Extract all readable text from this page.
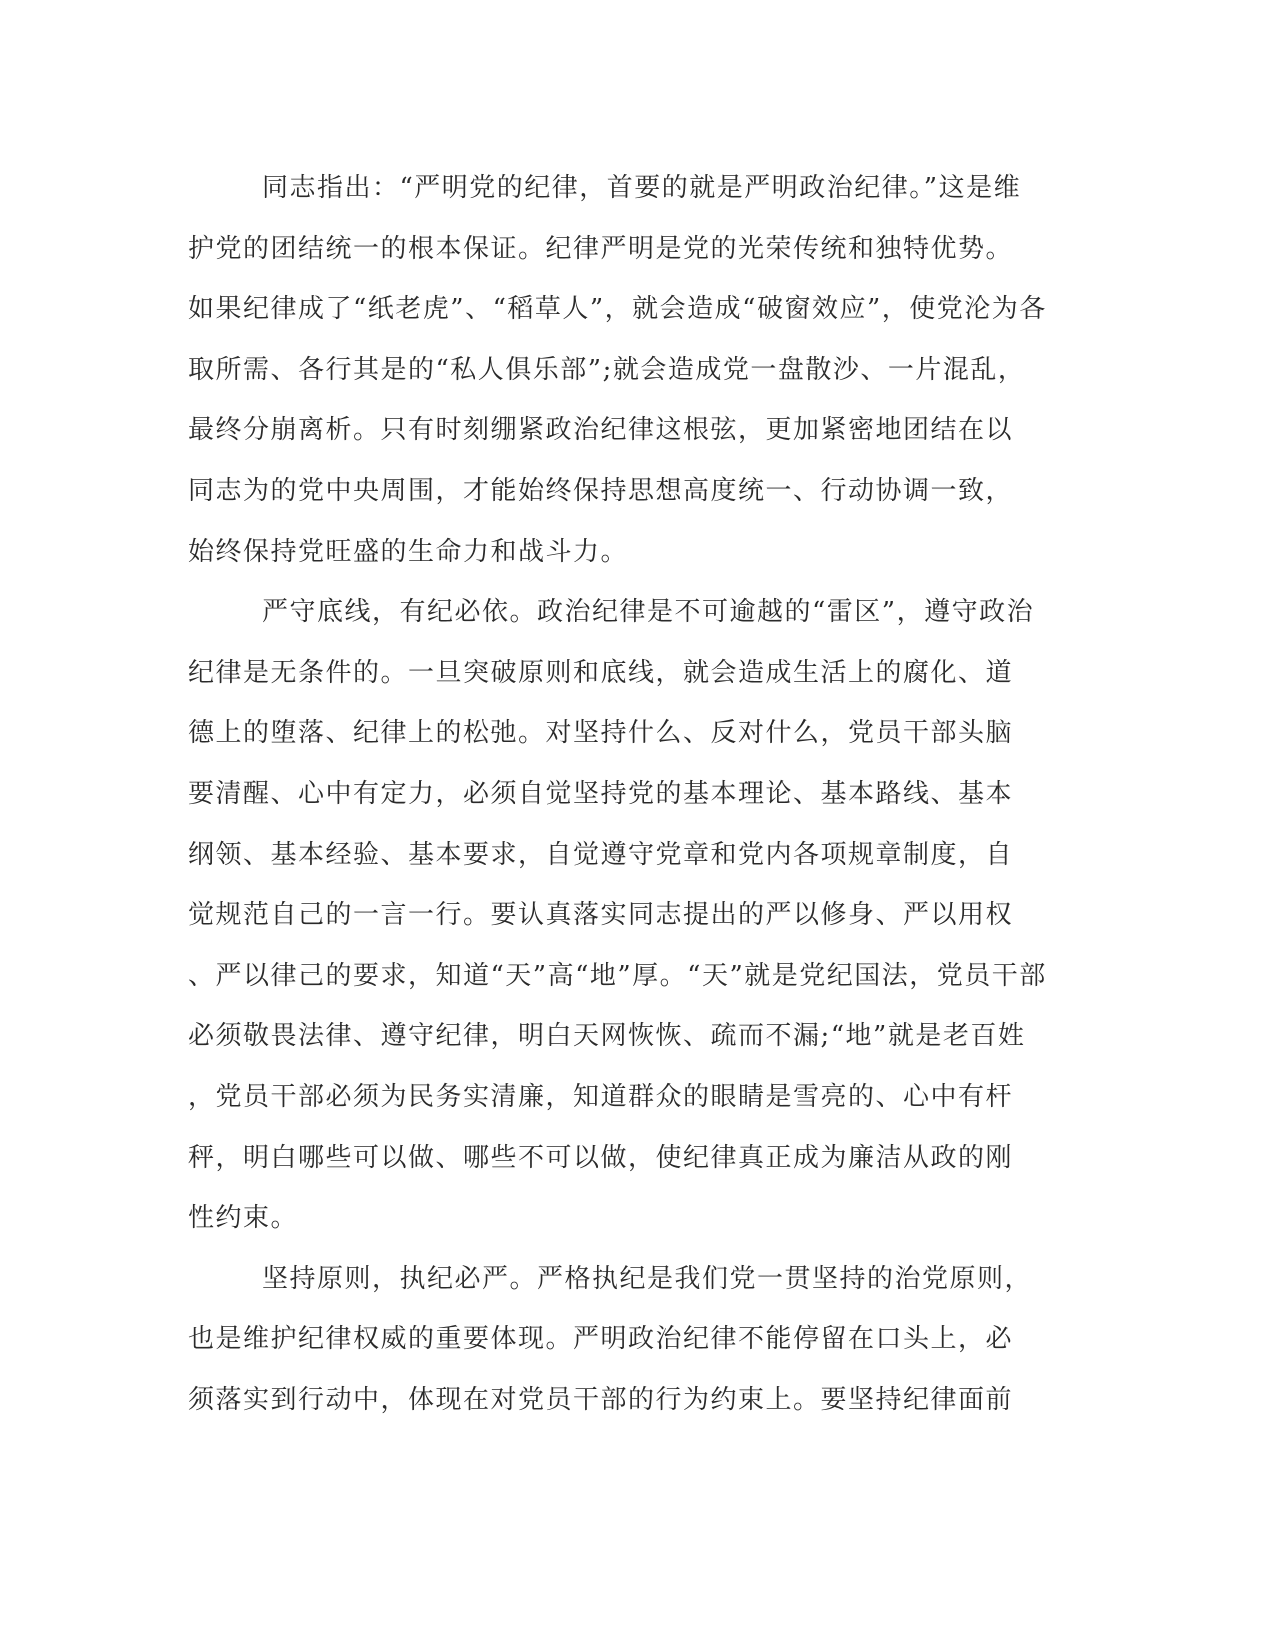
同志指出：“严明党的纪律，首要的就是严明政治纪律。”这是维
护党的团结统一的根本保证。纪律严明是党的光荣传统和独特优势。
如果纪律成了“纸老虎”、“稻草人”，就会造成“破窗效应”，使党沦为各
取所需、各行其是的“私人俱乐部”;就会造成党一盘散沙、一片混乱，
最终分崩离析。只有时刻绷紧政治纪律这根弦，更加紧密地团结在以
同志为的党中央周围，才能始终保持思想高度统一、行动协调一致，
始终保持党旺盛的生命力和战斗力。
严守底线，有纪必依。政治纪律是不可逾越的“雷区”，遵守政治
纪律是无条件的。一旦突破原则和底线，就会造成生活上的腐化、道
德上的堕落、纪律上的松弛。对坚持什么、反对什么，党员干部头脑
要清醒、心中有定力，必须自觉坚持党的基本理论、基本路线、基本
纲领、基本经验、基本要求，自觉遵守党章和党内各项规章制度，自
觉规范自己的一言一行。要认真落实同志提出的严以修身、严以用权
、严以律己的要求，知道“天”高“地”厚。“天”就是党纪国法，党员干部
必须敬畏法律、遵守纪律，明白天网恢恢、疏而不漏;“地”就是老百姓
，党员干部必须为民务实清廉，知道群众的眼睛是雪亮的、心中有杆
秤，明白哪些可以做、哪些不可以做，使纪律真正成为廉洁从政的刚
性约束。
坚持原则，执纪必严。严格执纪是我们党一贯坚持的治党原则，
也是维护纪律权威的重要体现。严明政治纪律不能停留在口头上，必
须落实到行动中，体现在对党员干部的行为约束上。要坚持纪律面前
